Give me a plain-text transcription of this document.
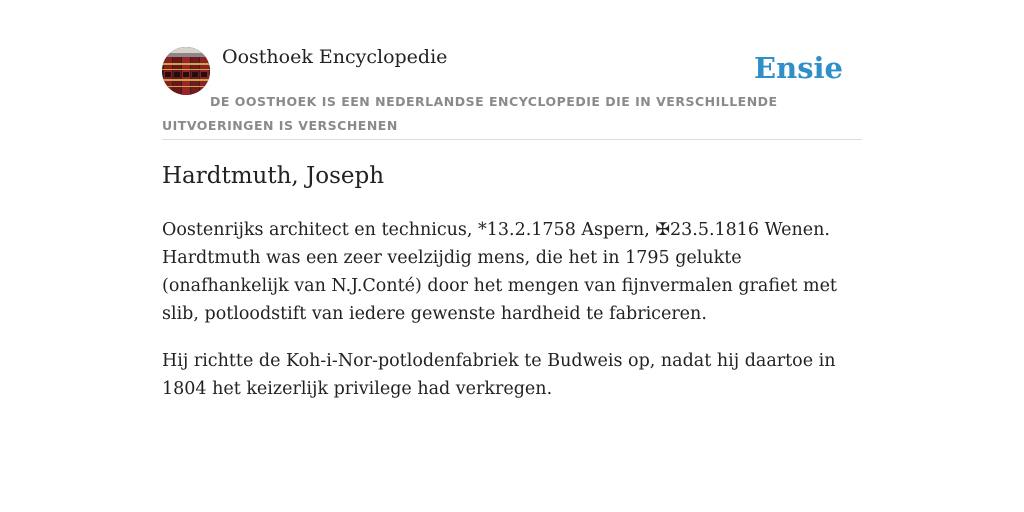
Oosthoek Encyclopedie	Ensie
DE OOSTHOEK IS EEN NEDERLANDSE ENCYCLOPEDIE DIE IN VERSCHILLENDE UITVOERINGEN IS VERSCHENEN
Hardtmuth, Joseph

Oostenrijks architect en technicus, *13.2.1758 Aspern, ✠23.5.1816 Wenen. Hardtmuth was een zeer veelzijdig mens, die het in 1795 gelukte (onafhankelijk van N.J.Conté) door het mengen van fijnvermalen grafiet met slib, potloodstift van iedere gewenste hardheid te fabriceren.

Hij richtte de Koh-i-Nor-potlodenfabriek te Budweis op, nadat hij daartoe in 1804 het keizerlijk privilege had verkregen.
